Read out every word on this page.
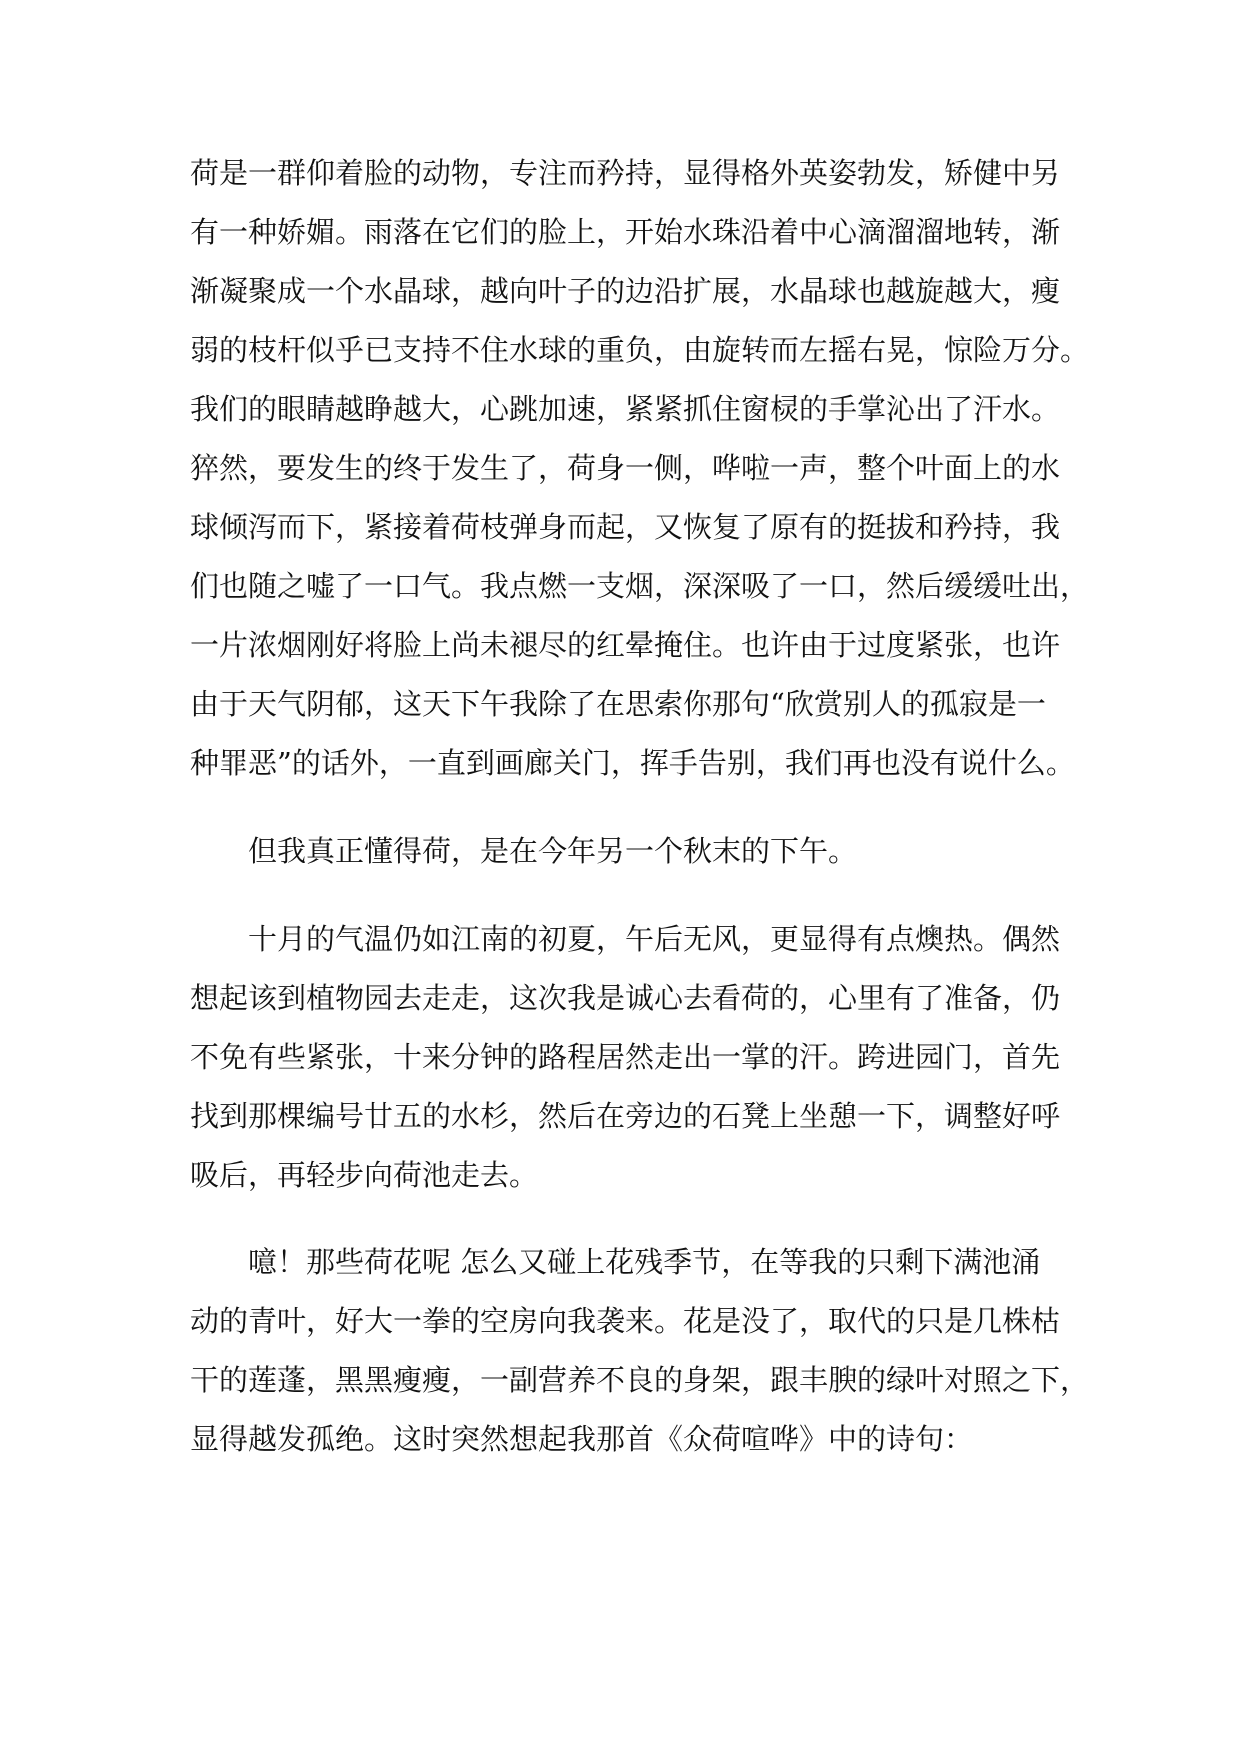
荷是一群仰着脸的动物，专注而矜持，显得格外英姿勃发，矫健中另
有一种娇媚。雨落在它们的脸上，开始水珠沿着中心滴溜溜地转，渐
渐凝聚成一个水晶球，越向叶子的边沿扩展，水晶球也越旋越大，瘦
弱的枝杆似乎已支持不住水球的重负，由旋转而左摇右晃，惊险万分。
我们的眼睛越睁越大，心跳加速，紧紧抓住窗棂的手掌沁出了汗水。
猝然，要发生的终于发生了，荷身一侧，哗啦一声，整个叶面上的水
球倾泻而下，紧接着荷枝弹身而起，又恢复了原有的挺拔和矜持，我
们也随之嘘了一口气。我点燃一支烟，深深吸了一口，然后缓缓吐出，
一片浓烟刚好将脸上尚未褪尽的红晕掩住。也许由于过度紧张，也许
由于天气阴郁，这天下午我除了在思索你那句“欣赏别人的孤寂是一
种罪恶”的话外，一直到画廊关门，挥手告别，我们再也没有说什么。
但我真正懂得荷，是在今年另一个秋末的下午。
十月的气温仍如江南的初夏，午后无风，更显得有点燠热。偶然
想起该到植物园去走走，这次我是诚心去看荷的，心里有了准备，仍
不免有些紧张，十来分钟的路程居然走出一掌的汗。跨进园门，首先
找到那棵编号廿五的水杉，然后在旁边的石凳上坐憩一下，调整好呼
吸后，再轻步向荷池走去。
噫！那些荷花呢 怎么又碰上花残季节，在等我的只剩下满池涌
动的青叶，好大一拳的空房向我袭来。花是没了，取代的只是几株枯
干的莲蓬，黑黑瘦瘦，一副营养不良的身架，跟丰腴的绿叶对照之下，
显得越发孤绝。这时突然想起我那首《众荷喧哗》中的诗句：
